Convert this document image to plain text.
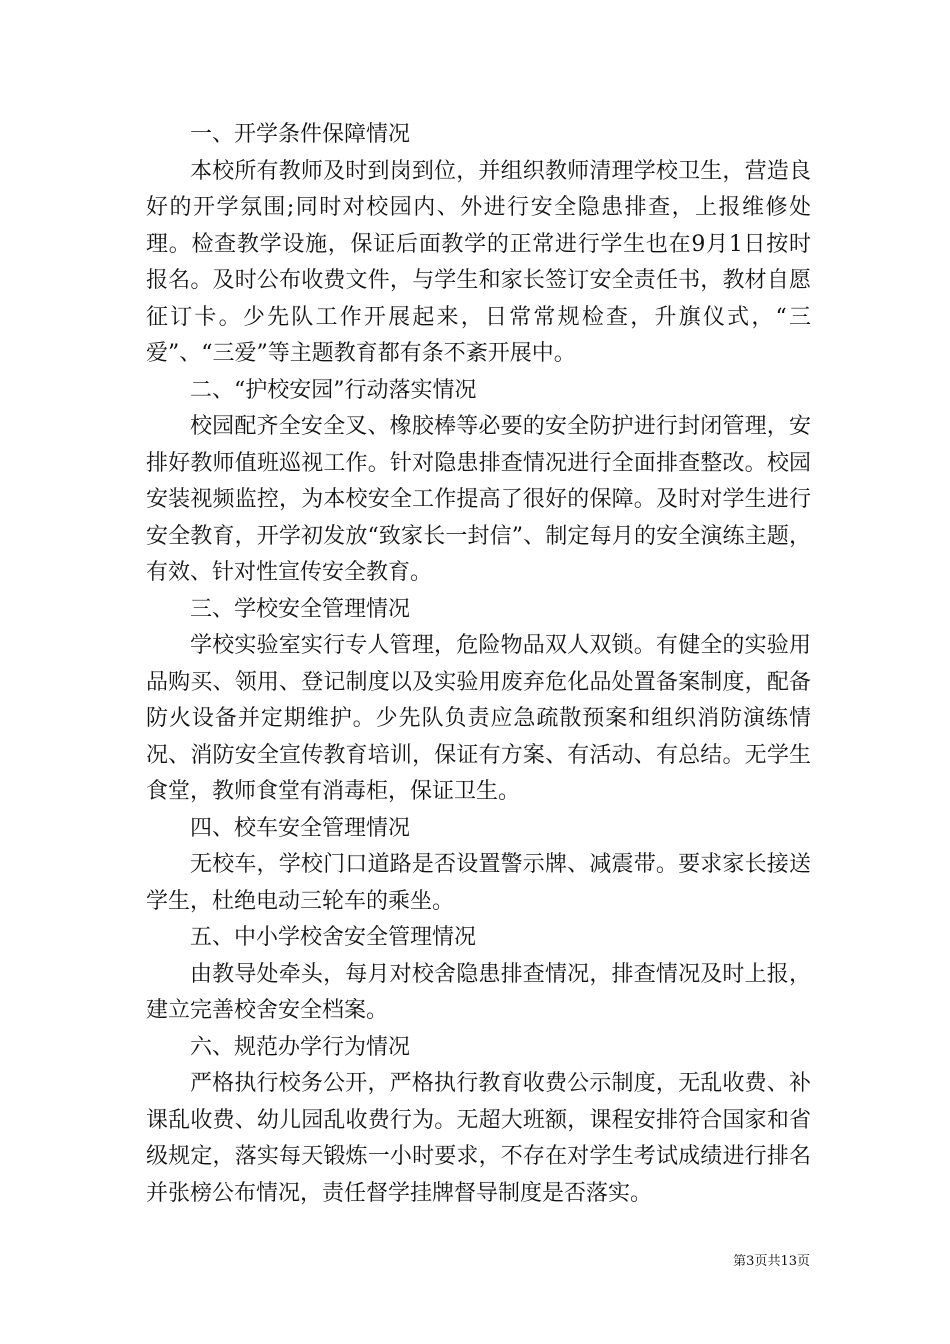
一、开学条件保障情况

本校所有教师及时到岗到位，并组织教师清理学校卫生，营造良好的开学氛围;同时对校园内、外进行安全隐患排查，上报维修处理。检查教学设施，保证后面教学的正常进行学生也在9月1日按时报名。及时公布收费文件，与学生和家长签订安全责任书，教材自愿征订卡。少先队工作开展起来，日常常规检查，升旗仪式，“三爱”、“三爱”等主题教育都有条不紊开展中。

二、“护校安园”行动落实情况

校园配齐全安全叉、橡胶棒等必要的安全防护进行封闭管理，安排好教师值班巡视工作。针对隐患排查情况进行全面排查整改。校园安装视频监控，为本校安全工作提高了很好的保障。及时对学生进行安全教育，开学初发放“致家长一封信”、制定每月的安全演练主题，有效、针对性宣传安全教育。

三、学校安全管理情况

学校实验室实行专人管理，危险物品双人双锁。有健全的实验用品购买、领用、登记制度以及实验用废弃危化品处置备案制度，配备防火设备并定期维护。少先队负责应急疏散预案和组织消防演练情况、消防安全宣传教育培训，保证有方案、有活动、有总结。无学生食堂，教师食堂有消毒柜，保证卫生。

四、校车安全管理情况

无校车，学校门口道路是否设置警示牌、减震带。要求家长接送学生，杜绝电动三轮车的乘坐。

五、中小学校舍安全管理情况

由教导处牵头，每月对校舍隐患排查情况，排查情况及时上报，建立完善校舍安全档案。

六、规范办学行为情况

严格执行校务公开，严格执行教育收费公示制度，无乱收费、补课乱收费、幼儿园乱收费行为。无超大班额，课程安排符合国家和省级规定，落实每天锻炼一小时要求，不存在对学生考试成绩进行排名并张榜公布情况，责任督学挂牌督导制度是否落实。

第3页共13页
